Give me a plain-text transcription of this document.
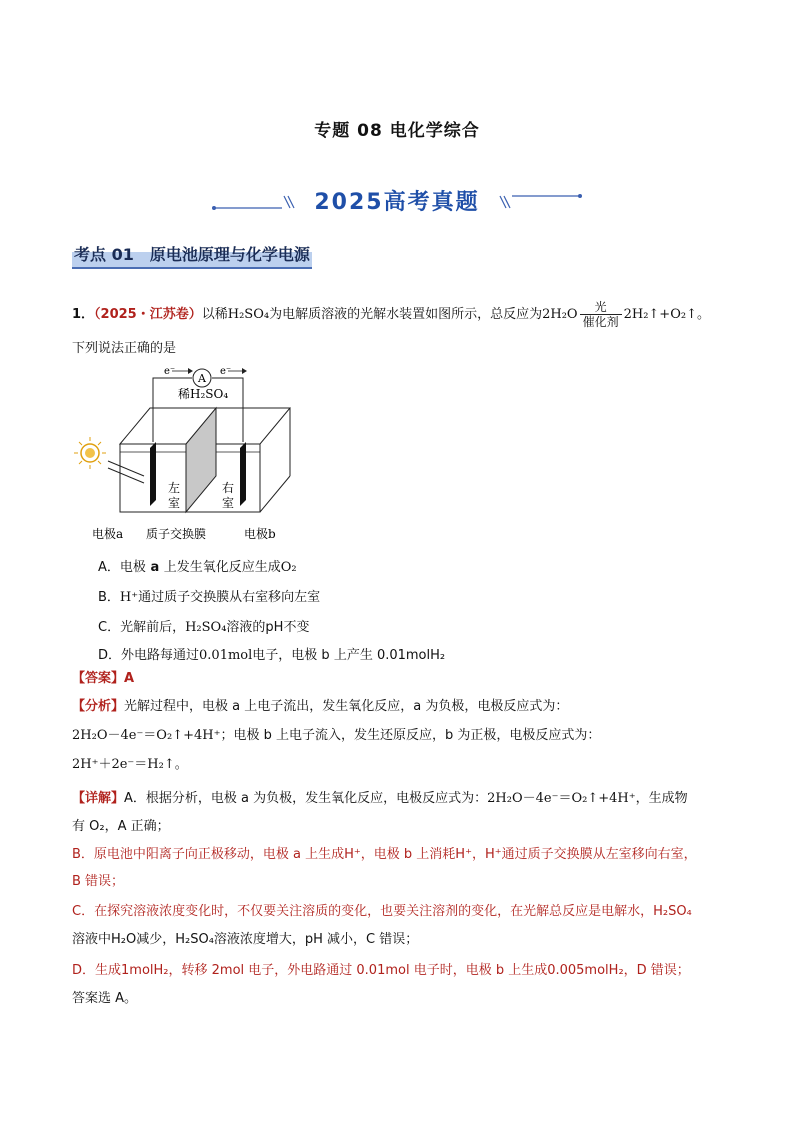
专题 08 电化学综合
2025高考真题
考点 01 原电池原理与化学电源
1．（2025・江苏卷）以稀H₂SO₄为电解质溶液的光解水装置如图所示，总反应为2H₂O	光
催化剂 2H₂↑+O₂↑。
下列说法正确的是
A
e⁻	e⁻
稀H₂SO₄
左
室
右
室
电极a 质子交换膜	电极b
A．电极 a 上发生氧化反应生成O₂
B．H⁺通过质子交换膜从右室移向左室
C．光解前后，H₂SO₄溶液的pH不变
D．外电路每通过0.01mol电子，电极 b 上产生 0.01molH₂
【答案】A
【分析】光解过程中，电极 a 上电子流出，发生氧化反应，a 为负极，电极反应式为：
2H₂O－4e⁻＝O₂↑+4H⁺；电极 b 上电子流入，发生还原反应，b 为正极，电极反应式为：
2H⁺＋2e⁻＝H₂↑。
【详解】A．根据分析，电极 a 为负极，发生氧化反应，电极反应式为：2H₂O－4e⁻＝O₂↑+4H⁺，生成物
有 O₂，A 正确；
B．原电池中阳离子向正极移动，电极 a 上生成H⁺，电极 b 上消耗H⁺，H⁺通过质子交换膜从左室移向右室，
B 错误；
C．在探究溶液浓度变化时，不仅要关注溶质的变化，也要关注溶剂的变化，在光解总反应是电解水，H₂SO₄
溶液中H₂O减少，H₂SO₄溶液浓度增大，pH 减小，C 错误；
D．生成1molH₂，转移 2mol 电子，外电路通过 0.01mol 电子时，电极 b 上生成0.005molH₂，D 错误；
答案选 A。
